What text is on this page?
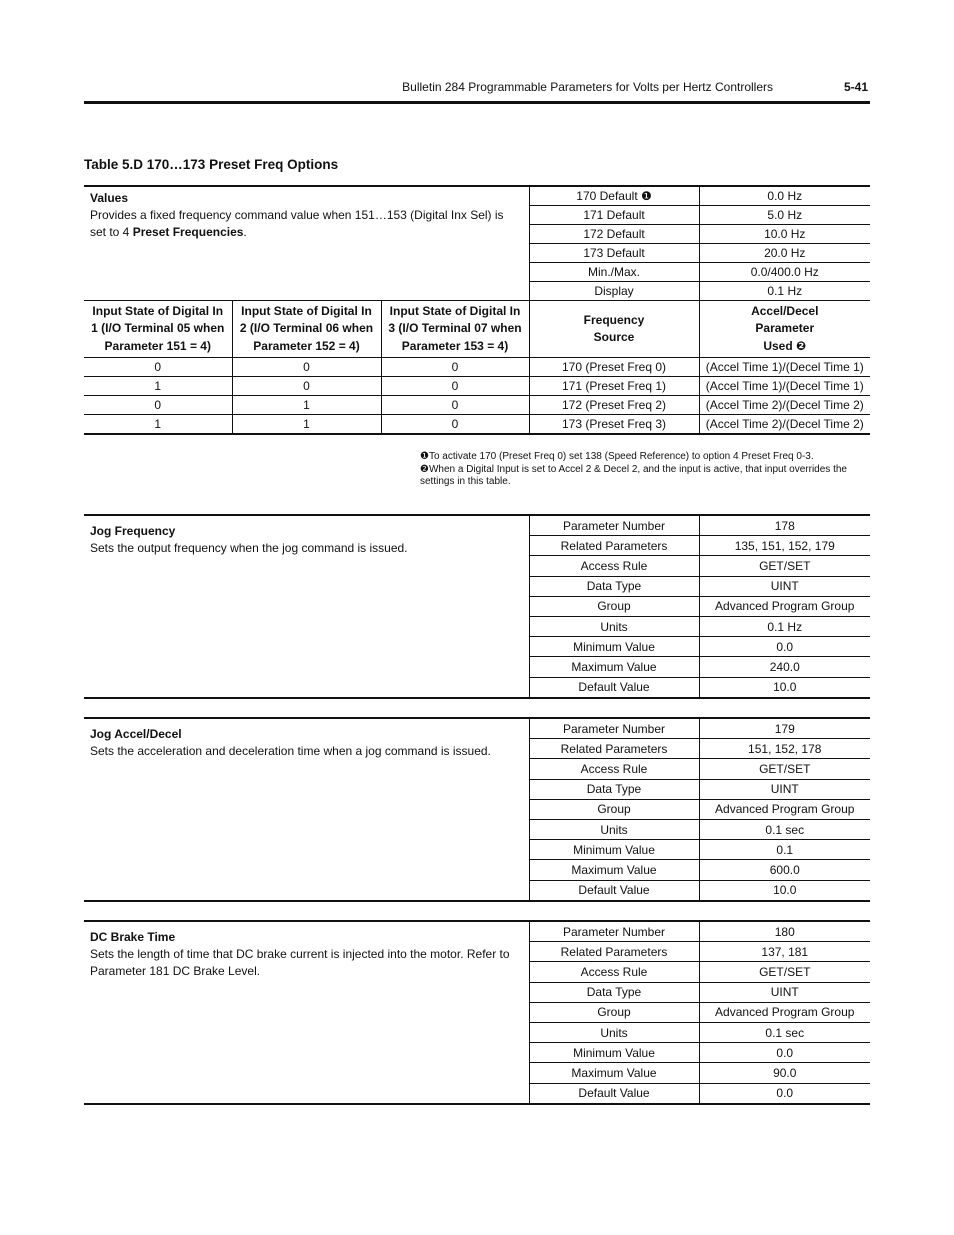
Bulletin 284 Programmable Parameters for Volts per Hertz Controllers	5-41
Table 5.D 170…173 Preset Freq Options
Values
Provides a fixed frequency command value when 151…153 (Digital Inx Sel) is set to 4 Preset Frequencies.			170 Default ❶	0.0 Hz
			171 Default	5.0 Hz
			172 Default	10.0 Hz
			173 Default	20.0 Hz
			Min./Max.	0.0/400.0 Hz
			Display	0.1 Hz
Input State of Digital In 1 (I/O Terminal 05 when Parameter 151 = 4)	Input State of Digital In 2 (I/O Terminal 06 when Parameter 152 = 4)	Input State of Digital In 3 (I/O Terminal 07 when Parameter 153 = 4)	Frequency Source	Accel/Decel Parameter Used ❷
0	0	0	170 (Preset Freq 0)	(Accel Time 1)/(Decel Time 1)
1	0	0	171 (Preset Freq 1)	(Accel Time 1)/(Decel Time 1)
0	1	0	172 (Preset Freq 2)	(Accel Time 2)/(Decel Time 2)
1	1	0	173 (Preset Freq 3)	(Accel Time 2)/(Decel Time 2)
❶To activate 170 (Preset Freq 0) set 138 (Speed Reference) to option 4 Preset Freq 0-3.
❷When a Digital Input is set to Accel 2 & Decel 2, and the input is active, that input overrides the settings in this table.
Jog Frequency
Sets the output frequency when the jog command is issued.	Parameter Number	178
	Related Parameters	135, 151, 152, 179
	Access Rule	GET/SET
	Data Type	UINT
	Group	Advanced Program Group
	Units	0.1 Hz
	Minimum Value	0.0
	Maximum Value	240.0
	Default Value	10.0
Jog Accel/Decel
Sets the acceleration and deceleration time when a jog command is issued.	Parameter Number	179
	Related Parameters	151, 152, 178
	Access Rule	GET/SET
	Data Type	UINT
	Group	Advanced Program Group
	Units	0.1 sec
	Minimum Value	0.1
	Maximum Value	600.0
	Default Value	10.0
DC Brake Time
Sets the length of time that DC brake current is injected into the motor. Refer to Parameter 181 DC Brake Level.	Parameter Number	180
	Related Parameters	137, 181
	Access Rule	GET/SET
	Data Type	UINT
	Group	Advanced Program Group
	Units	0.1 sec
	Minimum Value	0.0
	Maximum Value	90.0
	Default Value	0.0
